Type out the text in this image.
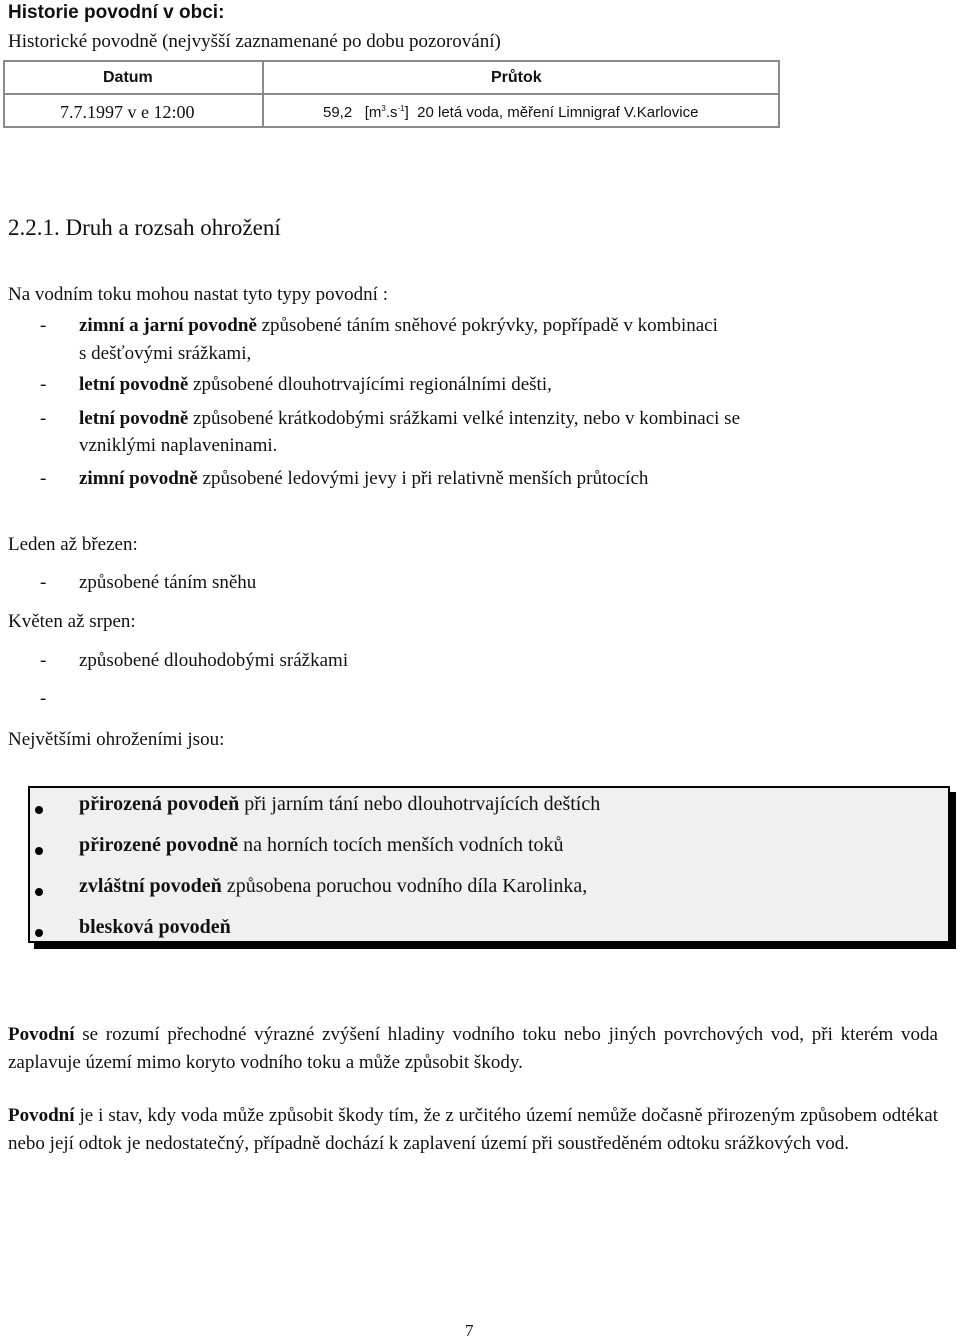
Historie povodní v obci:
Historické povodně (nejvyšší zaznamenané po dobu pozorování)
Datum	Průtok
7.7.1997 v e 12:00	59,2 $[m^3.s^{-1}]$ 20 letá voda, měření Limnigraf V.Karlovice
2.2.1. Druh a rozsah ohrožení
Na vodním toku mohou nastat tyto typy povodní :
- zimní a jarní povodně způsobené táním sněhové pokrývky, popřípadě v kombinaci
s dešťovými srážkami,
- letní povodně způsobené dlouhotrvajícími regionálními dešti,
- letní povodně způsobené krátkodobými srážkami velké intenzity, nebo v kombinaci se
vzniklými naplaveninami.
- zimní povodně způsobené ledovými jevy i při relativně menších průtocích
Leden až březen:
- způsobené táním sněhu
Květen až srpen:
- způsobené dlouhodobými srážkami
-
Největšími ohroženími jsou:
přirozená povodeň při jarním tání nebo dlouhotrvajících deštích
přirozené povodně na horních tocích menších vodních toků
zvláštní povodeň způsobena poruchou vodního díla Karolinka,
blesková povodeň
Povodní se rozumí přechodné výrazné zvýšení hladiny vodního toku nebo jiných povrchových vod, při kterém voda zaplavuje území mimo koryto vodního toku a může způsobit škody.
Povodní je i stav, kdy voda může způsobit škody tím, že z určitého území nemůže dočasně přirozeným způsobem odtékat nebo její odtok je nedostatečný, případně dochází k zaplavení území při soustředěném odtoku srážkových vod.
7
